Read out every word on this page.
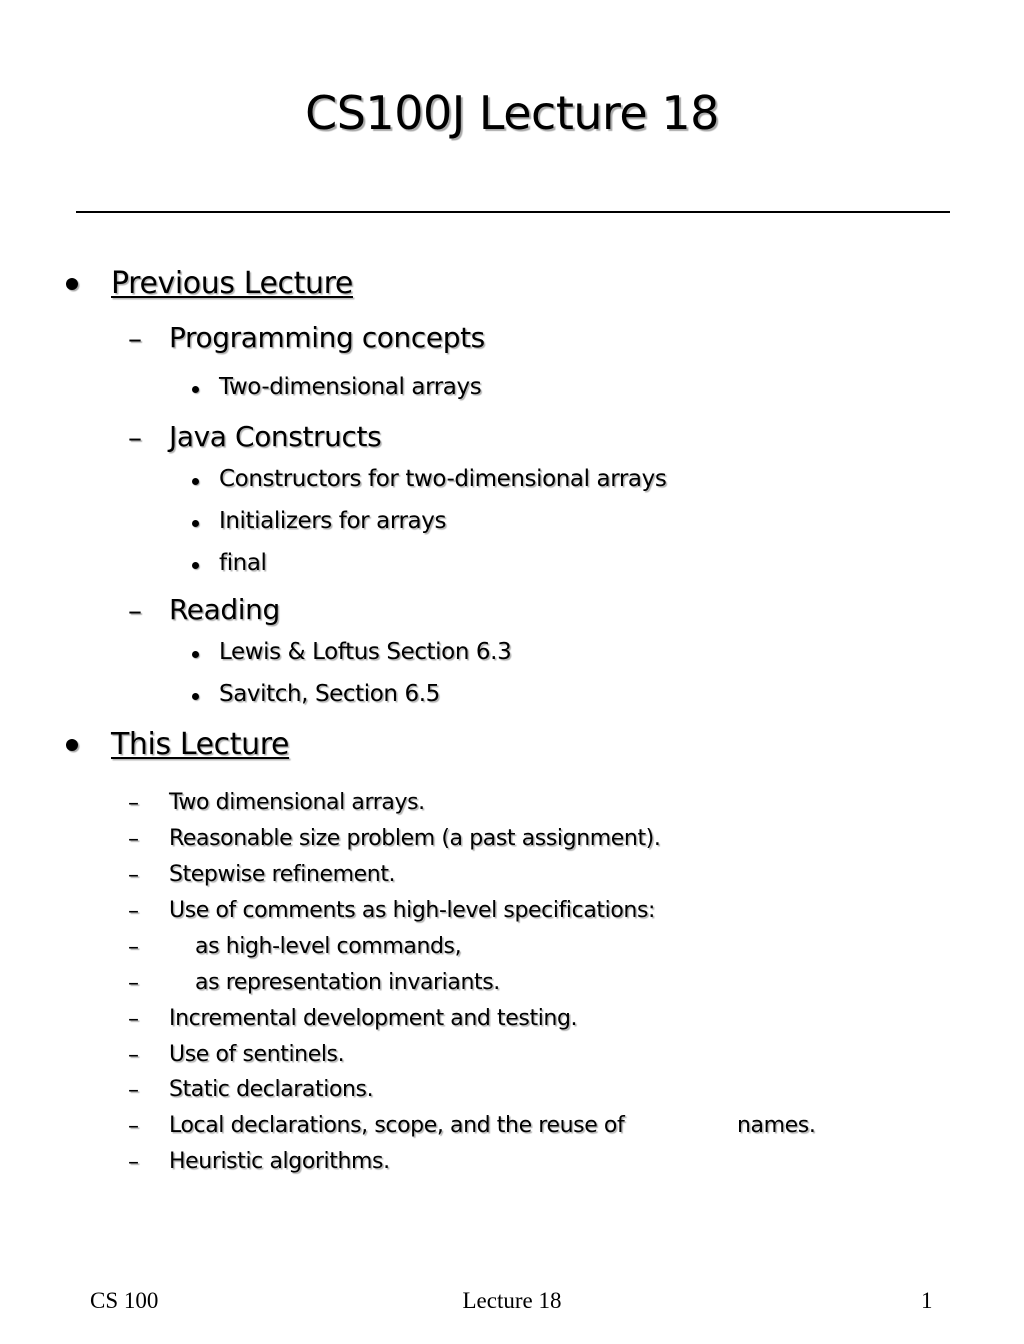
CS100J Lecture 18
Previous Lecture
– Programming concepts
Two-dimensional arrays
– Java Constructs
Constructors for two-dimensional arrays
Initializers for arrays
final
– Reading
Lewis & Loftus Section 6.3
Savitch, Section 6.5
This Lecture
– Two dimensional arrays.
– Reasonable size problem (a past assignment).
– Stepwise refinement.
– Use of comments as high-level specifications:
–	as high-level commands,
–	as representation invariants.
– Incremental development and testing.
– Use of sentinels.
– Static declarations.
– Local declarations, scope, and the reuse of	names.
– Heuristic algorithms.
CS 100	Lecture 18	1
